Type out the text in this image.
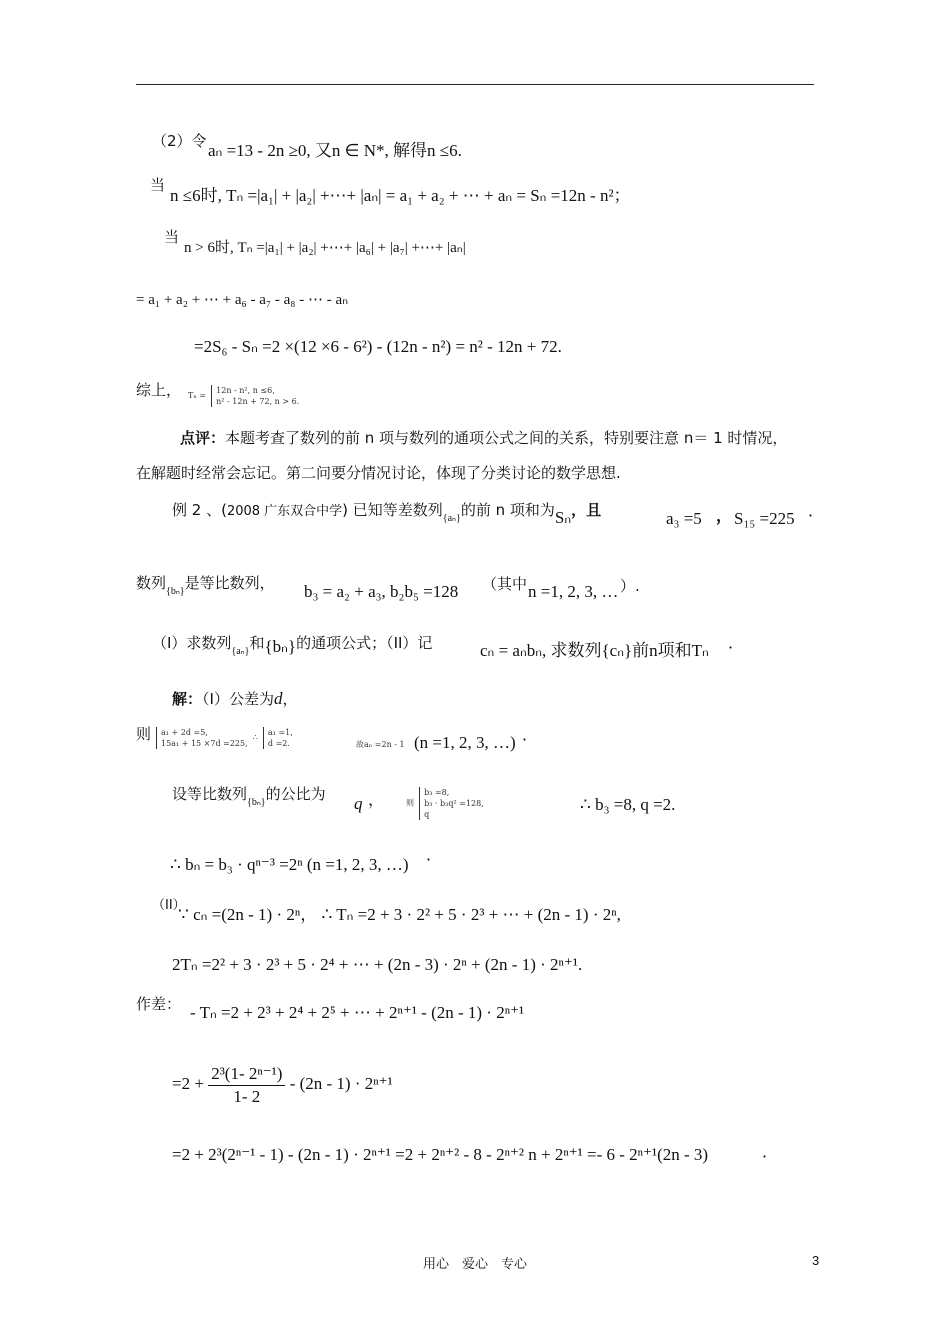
（2）令 aₙ =13 - 2n ≥0, 又n ∈ N*, 解得n ≤6.
当
n ≤6时, Tₙ =|a₁| + |a₂| +⋯+ |aₙ| = a₁ + a₂ + ⋯ + aₙ = Sₙ =12n - n²；
当
n > 6时, Tₙ =|a₁| + |a₂| +⋯+ |a₆| + |a₇| +⋯+ |aₙ|
= a₁ + a₂ + ⋯ + a₆ - a₇ - a₈ - ⋯ - aₙ
=2S₆ - Sₙ =2 ×(12 ×6 - 6²) - (12n - n²) = n² - 12n + 72.
综上， Tₙ = 12n - n², n ≤6,
n² - 12n + 72, n > 6.
点评：本题考查了数列的前 n 项与数列的通项公式之间的关系，特别要注意 n＝ 1 时情况，
在解题时经常会忘记。第二问要分情况讨论，体现了分类讨论的数学思想.
例 2 、(2008 广东双合中学) 已知等差数列$_{\{a_n\}}$的前 n 项和为Sₙ，且	a₃ =5 ， S₁₅ =225 ·
数列$_{\{b_n\}}$是等比数列， b₃ = a₂ + a₃, b₂b₅ =128 （其中 n =1, 2, 3, … ）.
（I）求数列$_{\{a_n\}}$和{bₙ}的通项公式；（II）记	cₙ = aₙbₙ, 求数列{cₙ}前n项和Tₙ ·
解：（I）公差为d，
则	a₁ + 2d =5,
15a₁ + 15 ×7d =225, ∴ a₁ =1,
d =2.	故aₙ =2n - 1 (n =1, 2, 3, …) ·
设等比数列$_{\{b_n\}}$的公比为 q ，	则 b₃ =8,
b₃ · b₃q² =128,
q
∴ b₃ =8, q =2.
∴ bₙ = b₃ · qⁿ⁻³ =2ⁿ (n =1, 2, 3, …) ·
（II）
∵ cₙ =(2n - 1) · 2ⁿ， ∴ Tₙ =2 + 3 · 2² + 5 · 2³ + ⋯ + (2n - 1) · 2ⁿ,
2Tₙ =2² + 3 · 2³ + 5 · 2⁴ + ⋯ + (2n - 3) · 2ⁿ + (2n - 1) · 2ⁿ⁺¹.
作差： - Tₙ =2 + 2³ + 2⁴ + 2⁵ + ⋯ + 2ⁿ⁺¹ - (2n - 1) · 2ⁿ⁺¹
$=2 + \frac{\text{2³(1- 2ⁿ⁻¹)}}{1- 2} - (2n - 1) \cdot 2^{n+1}$
=2 + 2³(2ⁿ⁻¹ - 1) - (2n - 1) · 2ⁿ⁺¹ =2 + 2ⁿ⁺² - 8 - 2ⁿ⁺² n + 2ⁿ⁺¹ =- 6 - 2ⁿ⁺¹(2n - 3)	·
用心　爱心　专心	3
